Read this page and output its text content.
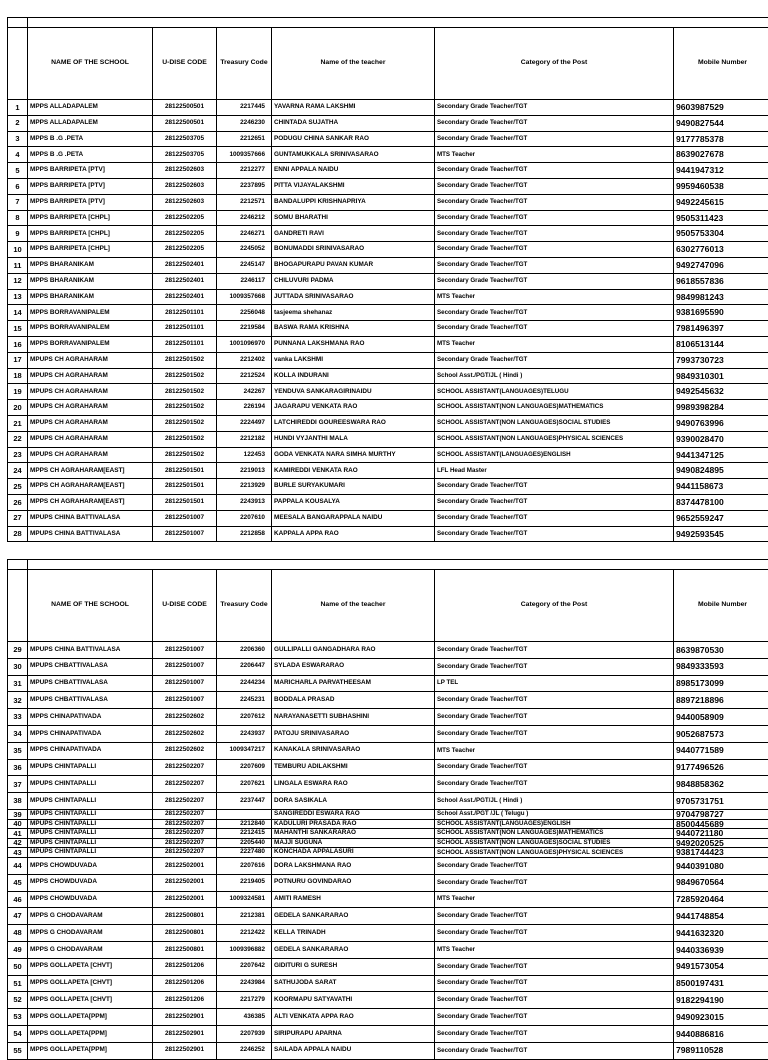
	NAME OF THE SCHOOL	U-DISE CODE	Treasury Code	Name of the teacher	Category of the Post	Mobile Number
1	MPPS ALLADAPALEM	28122500501	2217445	YAVARNA RAMA LAKSHMI	Secondary Grade Teacher/TGT	9603987529
2	MPPS ALLADAPALEM	28122500501	2246230	CHINTADA SUJATHA	Secondary Grade Teacher/TGT	9490827544
3	MPPS B .G .PETA	28122503705	2212651	PODUGU CHINA SANKAR RAO	Secondary Grade Teacher/TGT	9177785378
4	MPPS B .G .PETA	28122503705	1009357666	GUNTAMUKKALA SRINIVASARAO	MTS Teacher	8639027678
5	MPPS BARRIPETA [PTV]	28122502603	2212277	ENNI APPALA NAIDU	Secondary Grade Teacher/TGT	9441947312
6	MPPS BARRIPETA [PTV]	28122502603	2237895	PITTA VIJAYALAKSHMI	Secondary Grade Teacher/TGT	9959460538
7	MPPS BARRIPETA [PTV]	28122502603	2212571	BANDALUPPI KRISHNAPRIYA	Secondary Grade Teacher/TGT	9492245615
8	MPPS BARRIPETA [CHPL]	28122502205	2246212	SOMU BHARATHI	Secondary Grade Teacher/TGT	9505311423
9	MPPS BARRIPETA [CHPL]	28122502205	2246271	GANDRETI RAVI	Secondary Grade Teacher/TGT	9505753304
10	MPPS BARRIPETA [CHPL]	28122502205	2245052	BONUMADDI SRINIVASARAO	Secondary Grade Teacher/TGT	6302776013
11	MPPS BHARANIKAM	28122502401	2245147	BHOGAPURAPU PAVAN KUMAR	Secondary Grade Teacher/TGT	9492747096
12	MPPS BHARANIKAM	28122502401	2246117	CHILUVURI PADMA	Secondary Grade Teacher/TGT	9618557836
13	MPPS BHARANIKAM	28122502401	1009357668	JUTTADA SRINIVASARAO	MTS Teacher	9849981243
14	MPPS BORRAVANIPALEM	28122501101	2256048	tasjeema shehanaz	Secondary Grade Teacher/TGT	9381695590
15	MPPS BORRAVANIPALEM	28122501101	2219584	BASWA RAMA KRISHNA	Secondary Grade Teacher/TGT	7981496397
16	MPPS BORRAVANIPALEM	28122501101	1001096970	PUNNANA LAKSHMANA RAO	MTS Teacher	8106513144
17	MPUPS CH AGRAHARAM	28122501502	2212402	vanka LAKSHMI	Secondary Grade Teacher/TGT	7993730723
18	MPUPS CH AGRAHARAM	28122501502	2212524	KOLLA INDURANI	School Asst./PGT/JL ( Hindi )	9849310301
19	MPUPS CH AGRAHARAM	28122501502	242267	YENDUVA SANKARAGIRINAIDU	SCHOOL ASSISTANT(LANGUAGES)TELUGU	9492545632
20	MPUPS CH AGRAHARAM	28122501502	226194	JAGARAPU VENKATA RAO	SCHOOL ASSISTANT(NON LANGUAGES)MATHEMATICS	9989398284
21	MPUPS CH AGRAHARAM	28122501502	2224497	LATCHIREDDI GOUREESWARA RAO	SCHOOL ASSISTANT(NON LANGUAGES)SOCIAL STUDIES	9490763996
22	MPUPS CH AGRAHARAM	28122501502	2212182	HUNDI VYJANTHI MALA	SCHOOL ASSISTANT(NON LANGUAGES)PHYSICAL SCIENCES	9390028470
23	MPUPS CH AGRAHARAM	28122501502	122453	GODA VENKATA NARA SIMHA MURTHY	SCHOOL ASSISTANT(LANGUAGES)ENGLISH	9441347125
24	MPPS CH AGRAHARAM[EAST]	28122501501	2219013	KAMIREDDI VENKATA RAO	LFL Head Master	9490824895
25	MPPS CH AGRAHARAM[EAST]	28122501501	2213929	BURLE SURYAKUMARI	Secondary Grade Teacher/TGT	9441158673
26	MPPS CH AGRAHARAM[EAST]	28122501501	2243913	PAPPALA KOUSALYA	Secondary Grade Teacher/TGT	8374478100
27	MPUPS CHINA BATTIVALASA	28122501007	2207610	MEESALA BANGARAPPALA NAIDU	Secondary Grade Teacher/TGT	9652559247
28	MPUPS CHINA BATTIVALASA	28122501007	2212858	KAPPALA APPA RAO	Secondary Grade Teacher/TGT	9492593545

	NAME OF THE SCHOOL	U-DISE CODE	Treasury Code	Name of the teacher	Category of the Post	Mobile Number
29	MPUPS CHINA BATTIVALASA	28122501007	2206360	GULLIPALLI GANGADHARA RAO	Secondary Grade Teacher/TGT	8639870530
30	MPUPS CHBATTIVALASA	28122501007	2206447	SYLADA ESWARARAO	Secondary Grade Teacher/TGT	9849333593
31	MPUPS CHBATTIVALASA	28122501007	2244234	MARICHARLA PARVATHEESAM	LP TEL	8985173099
32	MPUPS CHBATTIVALASA	28122501007	2245231	BODDALA PRASAD	Secondary Grade Teacher/TGT	8897218896
33	MPPS CHINAPATIVADA	28122502602	2207612	NARAYANASETTI SUBHASHINI	Secondary Grade Teacher/TGT	9440058909
34	MPPS CHINAPATIVADA	28122502602	2243937	PATOJU SRINIVASARAO	Secondary Grade Teacher/TGT	9052687573
35	MPPS CHINAPATIVADA	28122502602	1009347217	KANAKALA SRINIVASARAO	MTS Teacher	9440771589
36	MPUPS CHINTAPALLI	28122502207	2207609	TEMBURU ADILAKSHMI	Secondary Grade Teacher/TGT	9177496526
37	MPUPS CHINTAPALLI	28122502207	2207621	LINGALA ESWARA RAO	Secondary Grade Teacher/TGT	9848858362
38	MPUPS CHINTAPALLI	28122502207	2237447	DORA SASIKALA	School Asst./PGT/JL ( Hindi )	9705731751
39	MPUPS CHINTAPALLI	28122502207		SANGIREDDI ESWARA RAO	School Asst./PGT /JL ( Telugu )	9704798727
40	MPUPS CHINTAPALLI	28122502207	2212840	KADULURI PRASADA RAO	SCHOOL ASSISTANT(LANGUAGES)ENGLISH	8500445689
41	MPUPS CHINTAPALLI	28122502207	2212415	MAHANTHI SANKARARAO	SCHOOL ASSISTANT(NON LANGUAGES)MATHEMATICS	9440721180
42	MPUPS CHINTAPALLI	28122502207	2205440	MAJJI SUGUNA	SCHOOL ASSISTANT(NON LANGUAGES)SOCIAL STUDIES	9492020525
43	MPUPS CHINTAPALLI	28122502207	2227480	KONCHADA APPALASURI	SCHOOL ASSISTANT(NON LANGUAGES)PHYSICAL SCIENCES	9381744423
44	MPPS CHOWDUVADA	28122502001	2207616	DORA LAKSHMANA RAO	Secondary Grade Teacher/TGT	9440391080
45	MPPS CHOWDUVADA	28122502001	2219405	POTNURU GOVINDARAO	Secondary Grade Teacher/TGT	9849670564
46	MPPS CHOWDUVADA	28122502001	1009324581	AMITI RAMESH	MTS Teacher	7285920464
47	MPPS G CHODAVARAM	28122500801	2212381	GEDELA SANKARARAO	Secondary Grade Teacher/TGT	9441748854
48	MPPS G CHODAVARAM	28122500801	2212422	KELLA TRINADH	Secondary Grade Teacher/TGT	9441632320
49	MPPS G CHODAVARAM	28122500801	1009396882	GEDELA SANKARARAO	MTS Teacher	9440336939
50	MPPS GOLLAPETA [CHVT]	28122501206	2207642	GIDITURI G SURESH	Secondary Grade Teacher/TGT	9491573054
51	MPPS GOLLAPETA [CHVT]	28122501206	2243984	SATHUJODA SARAT	Secondary Grade Teacher/TGT	8500197431
52	MPPS GOLLAPETA [CHVT]	28122501206	2217279	KOORMAPU SATYAVATHI	Secondary Grade Teacher/TGT	9182294190
53	MPPS GOLLAPETA[PPM]	28122502901	436385	ALTI VENKATA APPA RAO	Secondary Grade Teacher/TGT	9490923015
54	MPPS GOLLAPETA[PPM]	28122502901	2207939	SIRIPURAPU APARNA	Secondary Grade Teacher/TGT	9440886816
55	MPPS GOLLAPETA[PPM]	28122502901	2246252	SAILADA APPALA NAIDU	Secondary Grade Teacher/TGT	7989110528
